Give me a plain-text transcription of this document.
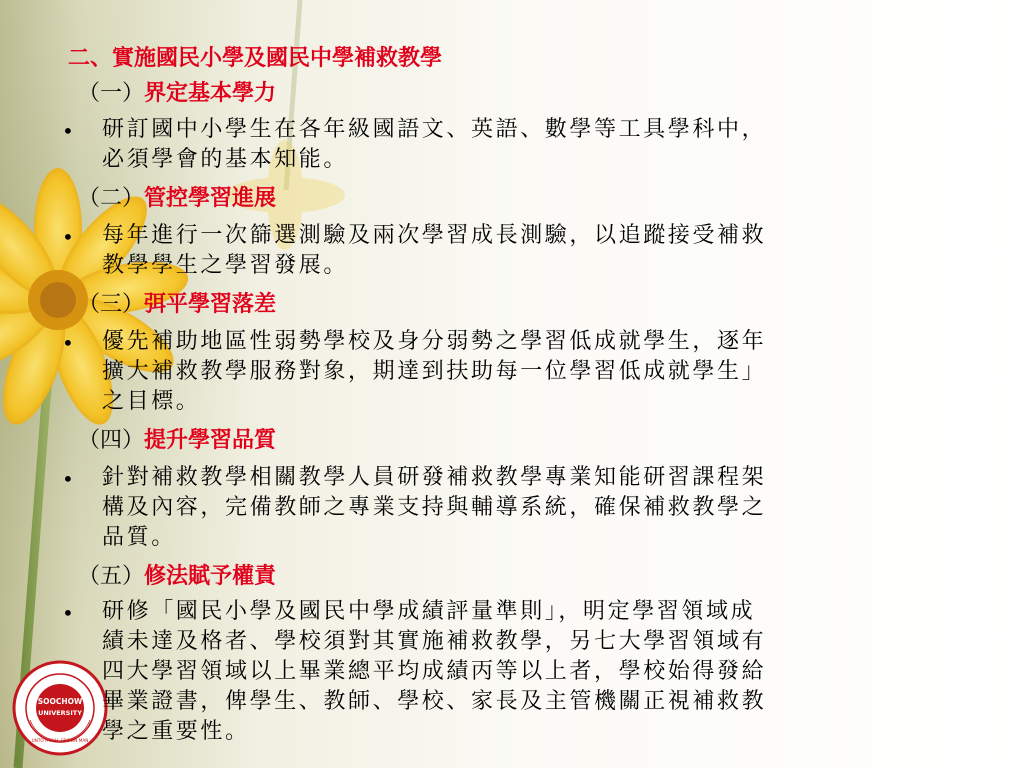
二、實施國民小學及國民中學補救教學
（一）界定基本學力
• 研訂國中小學生在各年級國語文、英語、數學等工具學科中，
必須學會的基本知能。
（二）管控學習進展
• 每年進行一次篩選測驗及兩次學習成長測驗，以追蹤接受補救
教學學生之學習發展。
（三）弭平學習落差
• 優先補助地區性弱勢學校及身分弱勢之學習低成就學生，逐年
擴大補救教學服務對象，期達到扶助每一位學習低成就學生」
之目標。
（四）提升學習品質
• 針對補救教學相關教學人員研發補救教學專業知能研習課程架
構及內容，完備教師之專業支持與輔導系統，確保補救教學之
品質。
（五）修法賦予權責
• 研修「國民小學及國民中學成績評量準則」，明定學習領域成
績未達及格者、學校須對其實施補救教學，另七大學習領域有
四大學習領域以上畢業總平均成績丙等以上者，學校始得發給
畢業證書，俾學生、教師、學校、家長及主管機關正視補救教
學之重要性。
SOOCHOW
UNIVERSITY
UNTO A FULL GROWN MAN
